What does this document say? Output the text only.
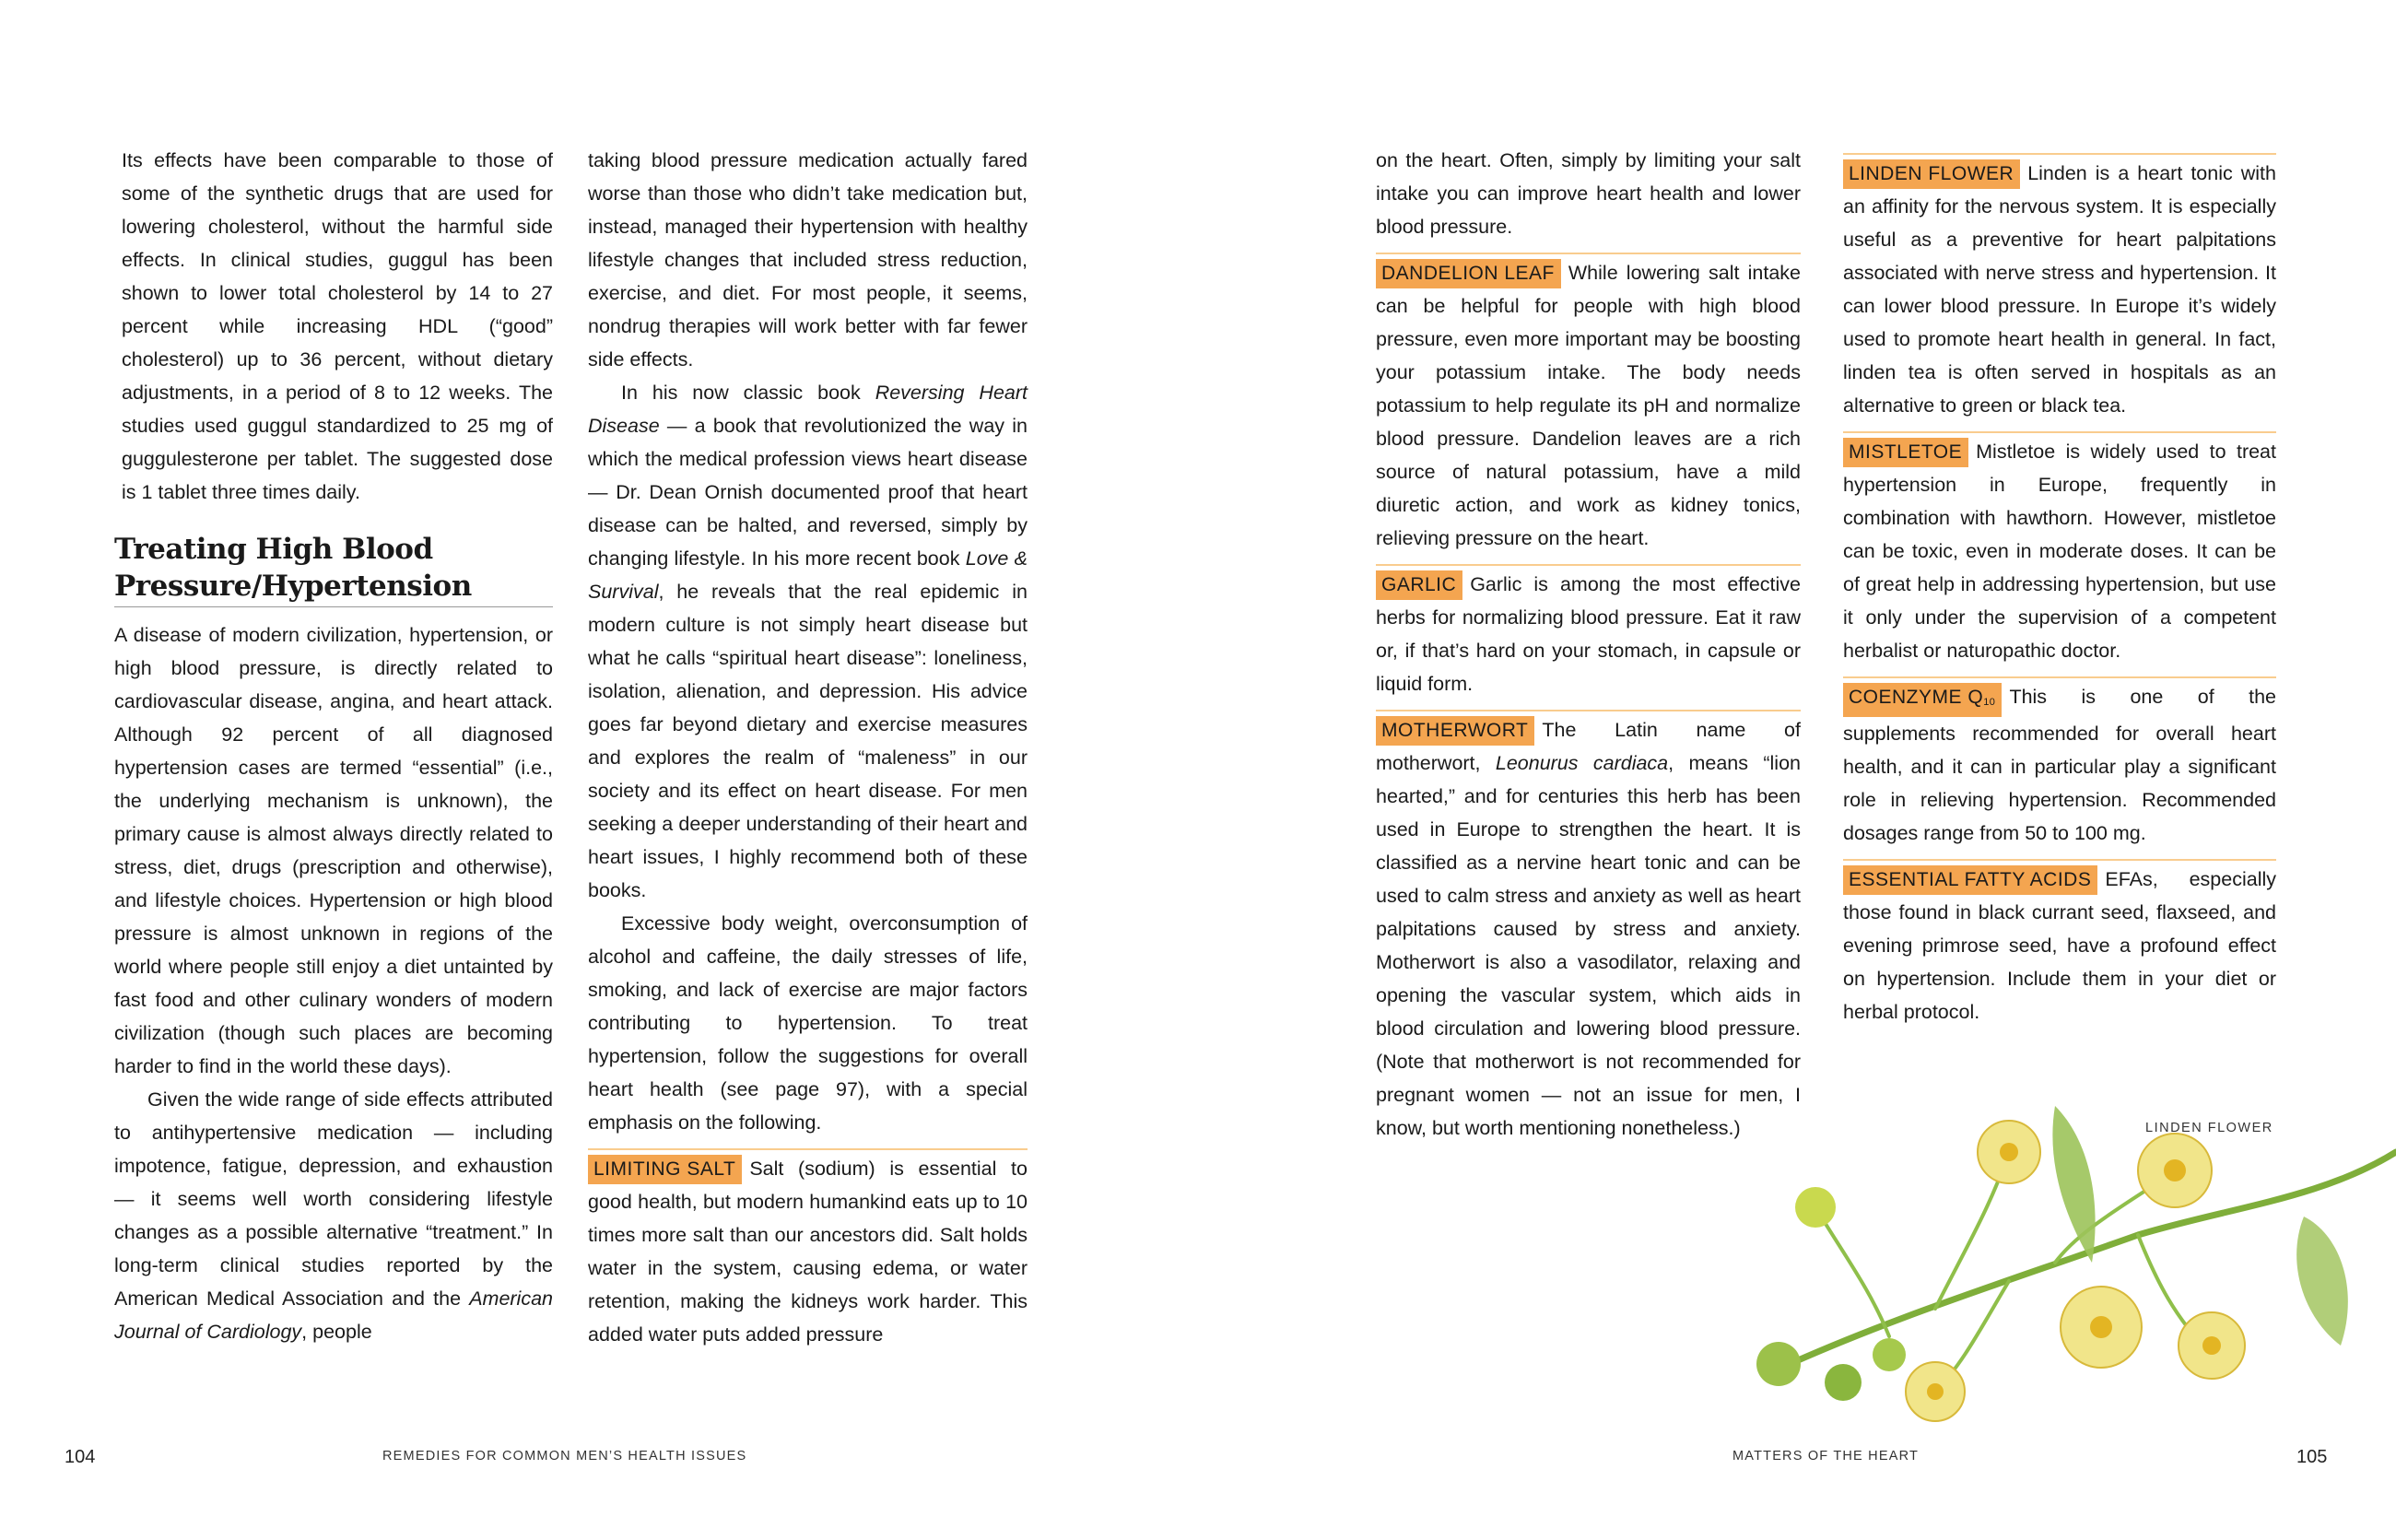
Its effects have been comparable to those of some of the synthetic drugs that are used for lowering cholesterol, without the harmful side effects. In clinical studies, guggul has been shown to lower total cholesterol by 14 to 27 percent while increasing HDL (“good” cholesterol) up to 36 percent, without dietary adjustments, in a period of 8 to 12 weeks. The studies used guggul standardized to 25 mg of guggulesterone per tablet. The suggested dose is 1 tablet three times daily.

Treating High Blood Pressure/Hypertension

A disease of modern civilization, hypertension, or high blood pressure, is directly related to cardiovascular disease, angina, and heart attack. Although 92 percent of all diagnosed hypertension cases are termed “essential” (i.e., the underlying mechanism is unknown), the primary cause is almost always directly related to stress, diet, drugs (prescription and otherwise), and lifestyle choices. Hypertension or high blood pressure is almost unknown in regions of the world where people still enjoy a diet untainted by fast food and other culinary wonders of modern civilization (though such places are becoming harder to find in the world these days).

Given the wide range of side effects attributed to antihypertensive medication — including impotence, fatigue, depression, and exhaustion — it seems well worth considering lifestyle changes as a possible alternative “treatment.” In long-term clinical studies reported by the American Medical Association and the American Journal of Cardiology, people

taking blood pressure medication actually fared worse than those who didn’t take medication but, instead, managed their hypertension with healthy lifestyle changes that included stress reduction, exercise, and diet. For most people, it seems, nondrug therapies will work better with far fewer side effects.

In his now classic book Reversing Heart Disease — a book that revolutionized the way in which the medical profession views heart disease — Dr. Dean Ornish documented proof that heart disease can be halted, and reversed, simply by changing lifestyle. In his more recent book Love & Survival, he reveals that the real epidemic in modern culture is not simply heart disease but what he calls “spiritual heart disease”: loneliness, isolation, alienation, and depression. His advice goes far beyond dietary and exercise measures and explores the realm of “maleness” in our society and its effect on heart disease. For men seeking a deeper understanding of their heart and heart issues, I highly recommend both of these books.

Excessive body weight, overconsumption of alcohol and caffeine, the daily stresses of life, smoking, and lack of exercise are major factors contributing to hypertension. To treat hypertension, follow the suggestions for overall heart health (see page 97), with a special emphasis on the following.

LIMITING SALT Salt (sodium) is essential to good health, but modern humankind eats up to 10 times more salt than our ancestors did. Salt holds water in the system, causing edema, or water retention, making the kidneys work harder. This added water puts added pressure

on the heart. Often, simply by limiting your salt intake you can improve heart health and lower blood pressure.

DANDELION LEAF While lowering salt intake can be helpful for people with high blood pressure, even more important may be boosting your potassium intake. The body needs potassium to help regulate its pH and normalize blood pressure. Dandelion leaves are a rich source of natural potassium, have a mild diuretic action, and work as kidney tonics, relieving pressure on the heart.

GARLIC Garlic is among the most effective herbs for normalizing blood pressure. Eat it raw or, if that’s hard on your stomach, in capsule or liquid form.

MOTHERWORT The Latin name of motherwort, Leonurus cardiaca, means “lion hearted,” and for centuries this herb has been used in Europe to strengthen the heart. It is classified as a nervine heart tonic and can be used to calm stress and anxiety as well as heart palpitations caused by stress and anxiety. Motherwort is also a vasodilator, relaxing and opening the vascular system, which aids in blood circulation and lowering blood pressure. (Note that motherwort is not recommended for pregnant women — not an issue for men, I know, but worth mentioning nonetheless.)

LINDEN FLOWER Linden is a heart tonic with an affinity for the nervous system. It is especially useful as a preventive for heart palpitations associated with nerve stress and hypertension. It can lower blood pressure. In Europe it’s widely used to promote heart health in general. In fact, linden tea is often served in hospitals as an alternative to green or black tea.

MISTLETOE Mistletoe is widely used to treat hypertension in Europe, frequently in combination with hawthorn. However, mistletoe can be toxic, even in moderate doses. It can be of great help in addressing hypertension, but use it only under the supervision of a competent herbalist or naturopathic doctor.

COENZYME $Q_{10}$ This is one of the supplements recommended for overall heart health, and it can in particular play a significant role in relieving hypertension. Recommended dosages range from 50 to 100 mg.

ESSENTIAL FATTY ACIDS EFAs, especially those found in black currant seed, flaxseed, and evening primrose seed, have a profound effect on hypertension. Include them in your diet or herbal protocol.

LINDEN FLOWER
104	REMEDIES FOR COMMON MEN’S HEALTH ISSUES	MATTERS OF THE HEART	105
